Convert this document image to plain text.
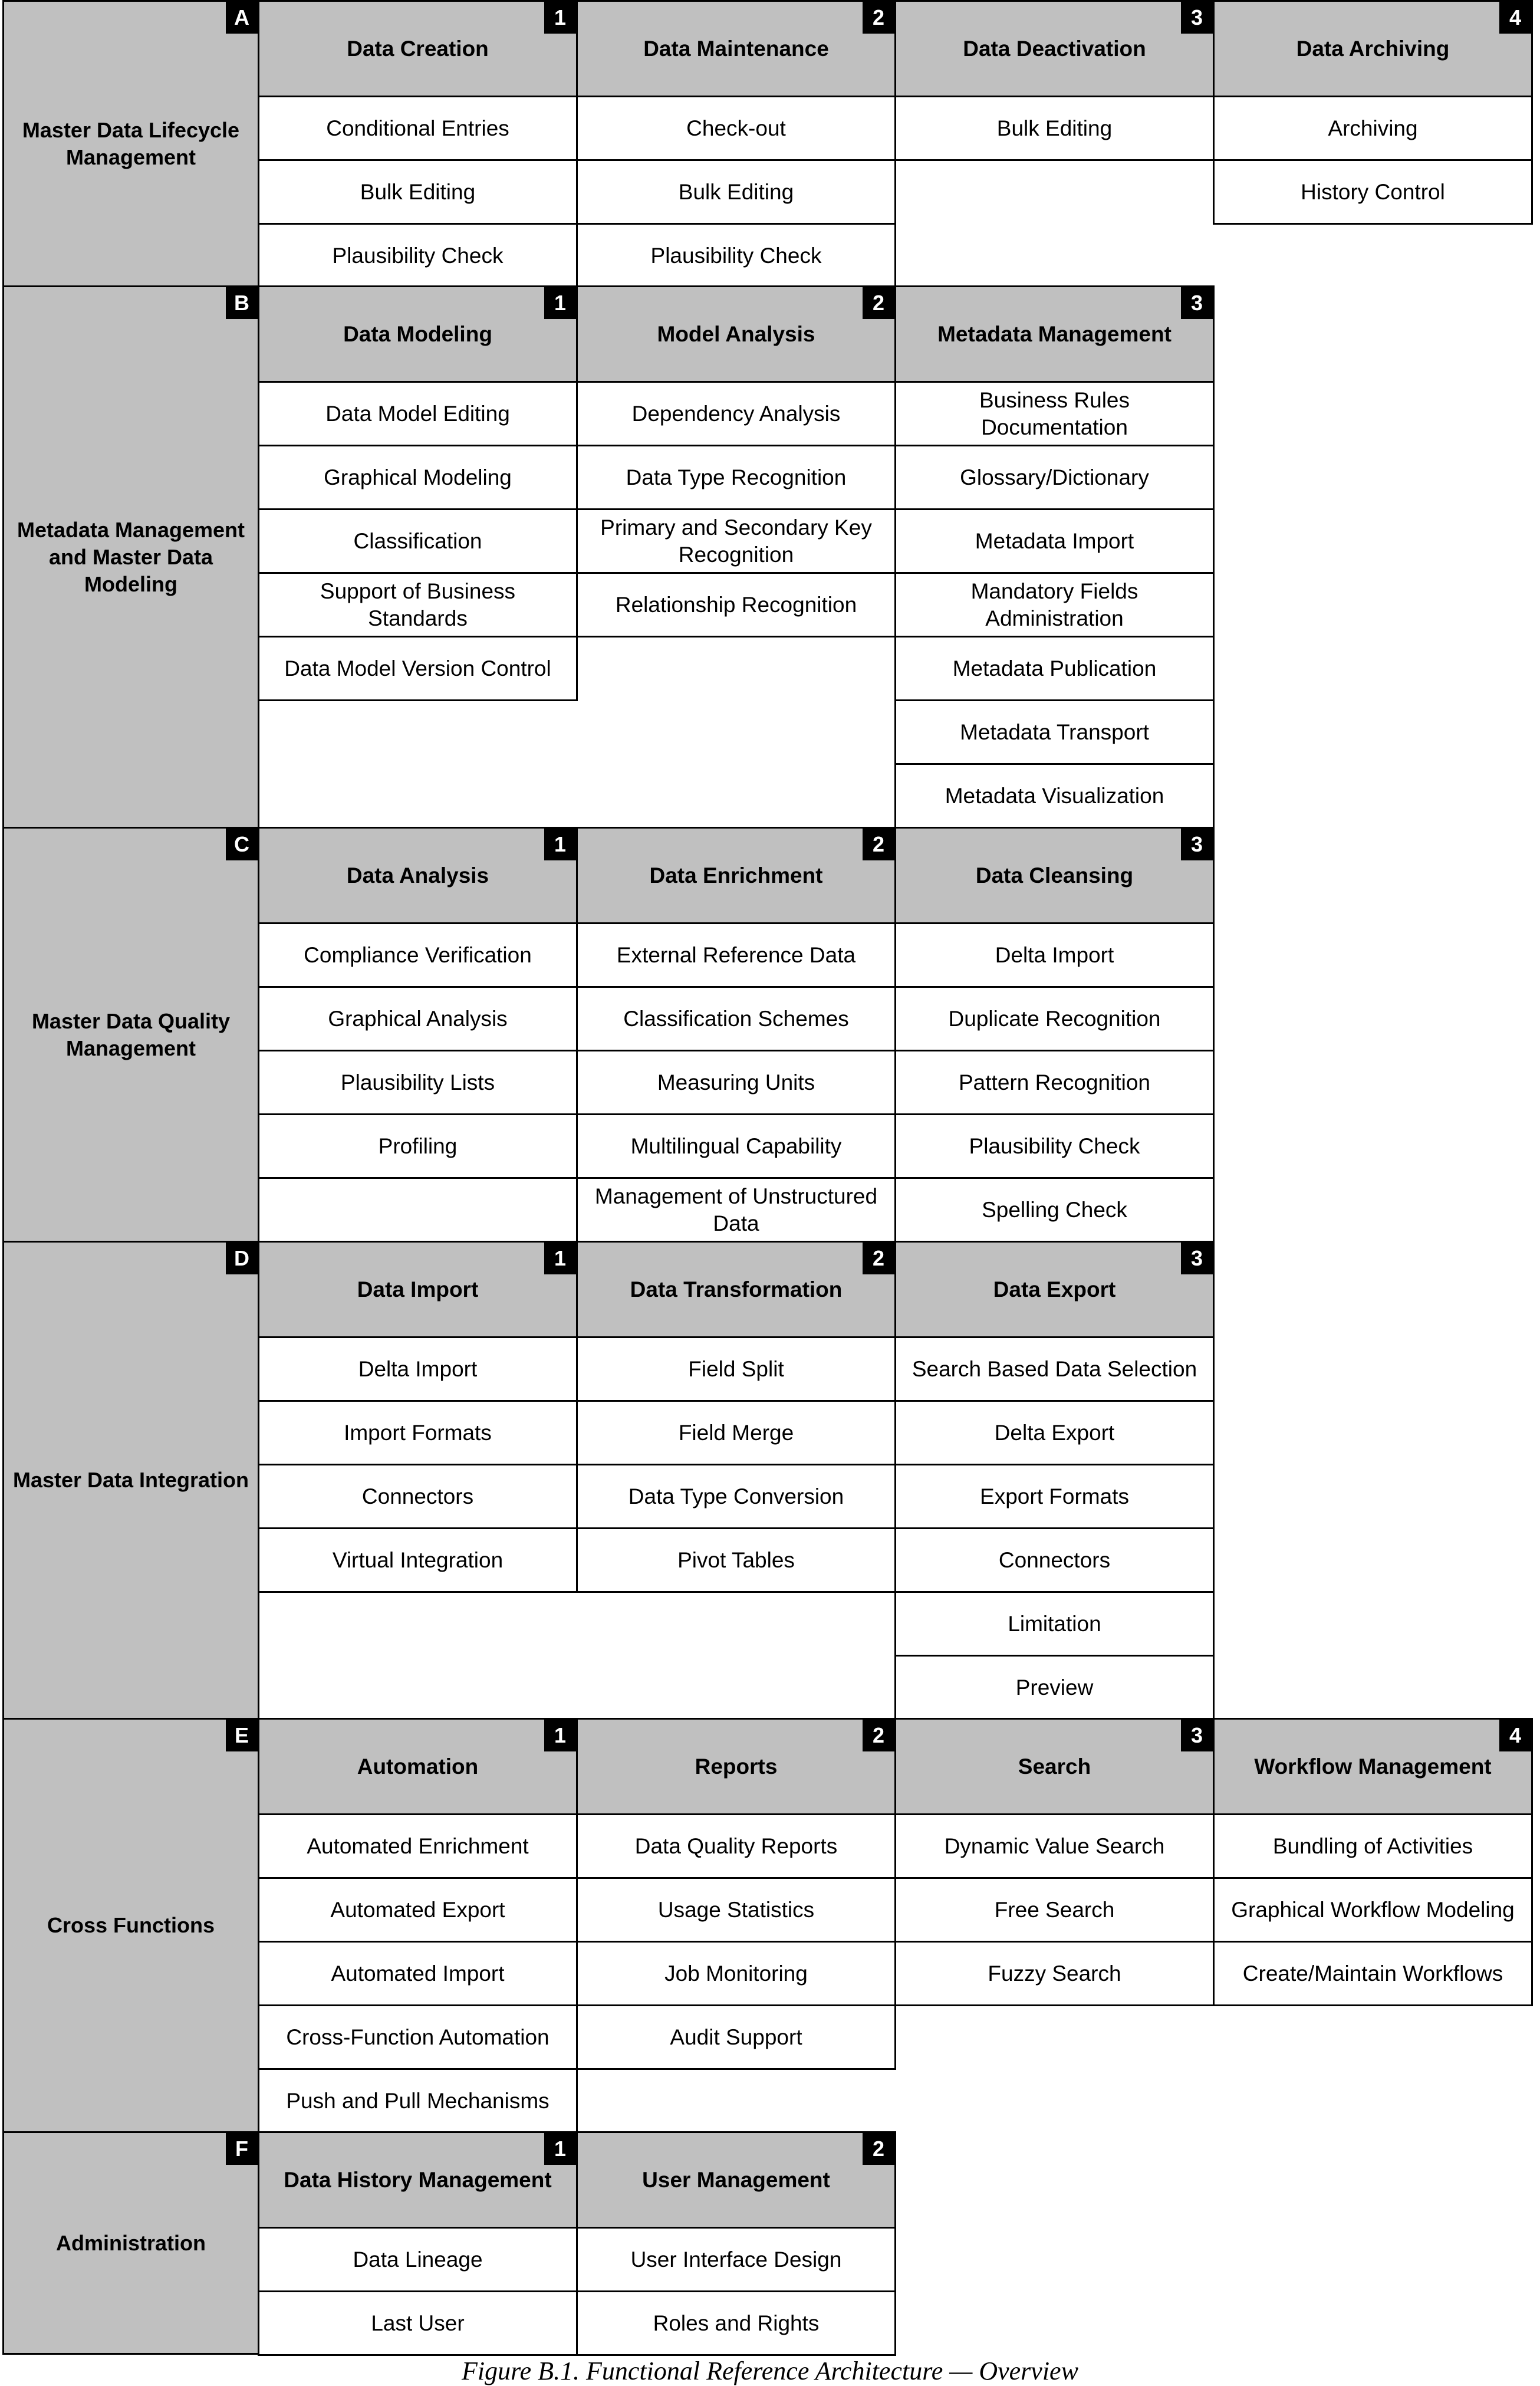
A
Master Data Lifecycle Management
1
Data Creation
Conditional Entries
Bulk Editing
Plausibility Check
2
Data Maintenance
Check-out
Bulk Editing
Plausibility Check
3
Data Deactivation
Bulk Editing
4
Data Archiving
Archiving
History Control
B
Metadata Management and Master Data Modeling
1
Data Modeling
Data Model Editing
Graphical Modeling
Classification
Support of Business Standards
Data Model Version Control
2
Model Analysis
Dependency Analysis
Data Type Recognition
Primary and Secondary Key Recognition
Relationship Recognition
3
Metadata Management
Business Rules Documentation
Glossary/Dictionary
Metadata Import
Mandatory Fields Administration
Metadata Publication
Metadata Transport
Metadata Visualization
C
Master Data Quality Management
1
Data Analysis
Compliance Verification
Graphical Analysis
Plausibility Lists
Profiling
2
Data Enrichment
External Reference Data
Classification Schemes
Measuring Units
Multilingual Capability
Management of Unstructured Data
3
Data Cleansing
Delta Import
Duplicate Recognition
Pattern Recognition
Plausibility Check
Spelling Check
D
Master Data Integration
1
Data Import
Delta Import
Import Formats
Connectors
Virtual Integration
2
Data Transformation
Field Split
Field Merge
Data Type Conversion
Pivot Tables
3
Data Export
Search Based Data Selection
Delta Export
Export Formats
Connectors
Limitation
Preview
E
Cross Functions
1
Automation
Automated Enrichment
Automated Export
Automated Import
Cross-Function Automation
Push and Pull Mechanisms
2
Reports
Data Quality Reports
Usage Statistics
Job Monitoring
Audit Support
3
Search
Dynamic Value Search
Free Search
Fuzzy Search
4
Workflow Management
Bundling of Activities
Graphical Workflow Modeling
Create/Maintain Workflows
F
Administration
1
Data History Management
Data Lineage
Last User
2
User Management
User Interface Design
Roles and Rights
Figure B.1. Functional Reference Architecture — Overview
